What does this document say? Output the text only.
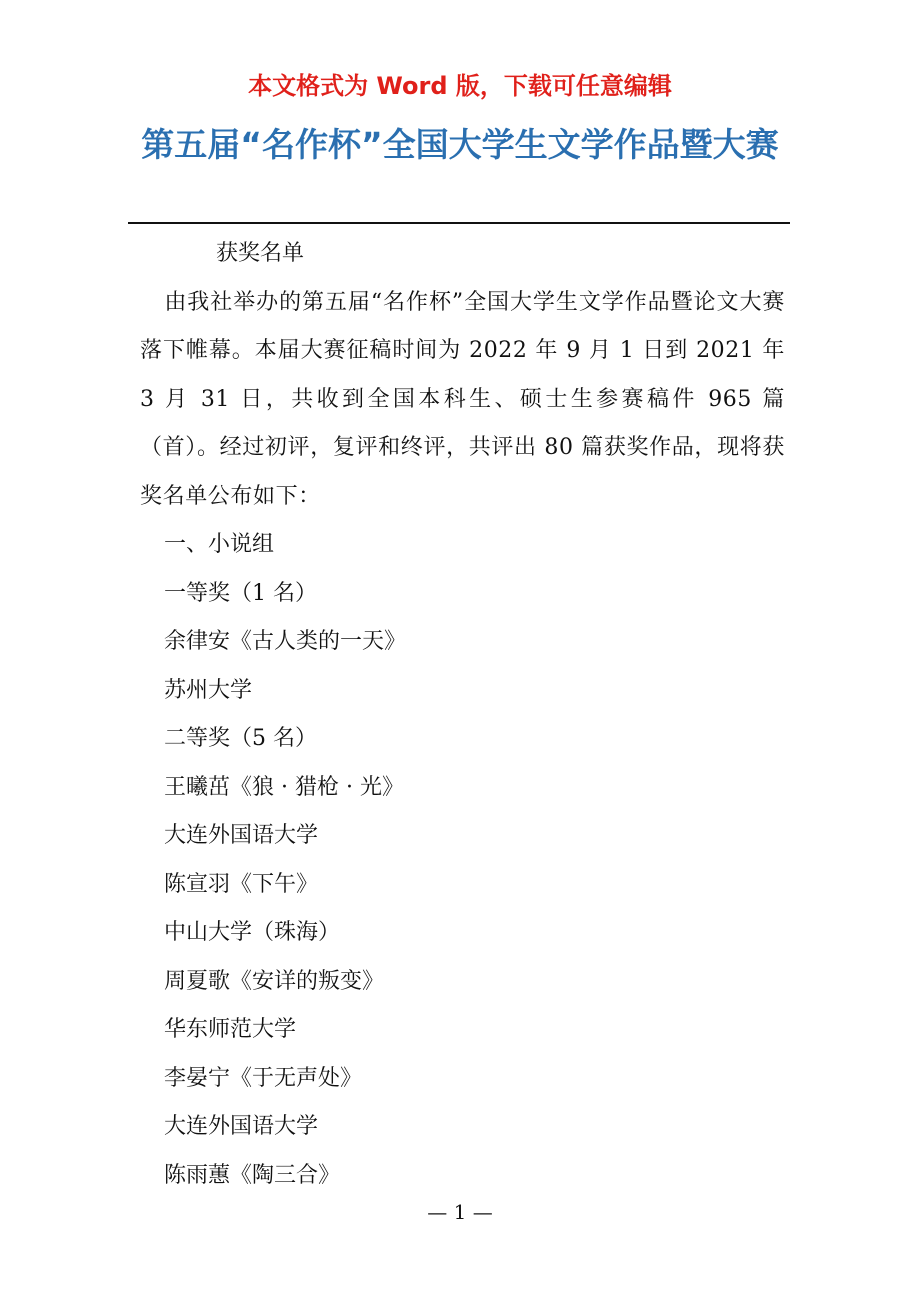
本文格式为 Word 版，下载可任意编辑
第五届“名作杯”全国大学生文学作品暨大赛
获奖名单
由我社举办的第五届“名作杯”全国大学生文学作品暨论文大赛落下帷幕。本届大赛征稿时间为 2022 年 9 月 1 日到 2021 年 3 月 31 日，共收到全国本科生、硕士生参赛稿件 965 篇（首）。经过初评，复评和终评，共评出 80 篇获奖作品，现将获奖名单公布如下：
一、小说组
一等奖（1 名）
余律安《古人类的一天》
苏州大学
二等奖（5 名）
王曦茁《狼 · 猎枪 · 光》
大连外国语大学
陈宣羽《下午》
中山大学（珠海）
周夏歌《安详的叛变》
华东师范大学
李晏宁《于无声处》
大连外国语大学
陈雨蕙《陶三合》
— 1 —
